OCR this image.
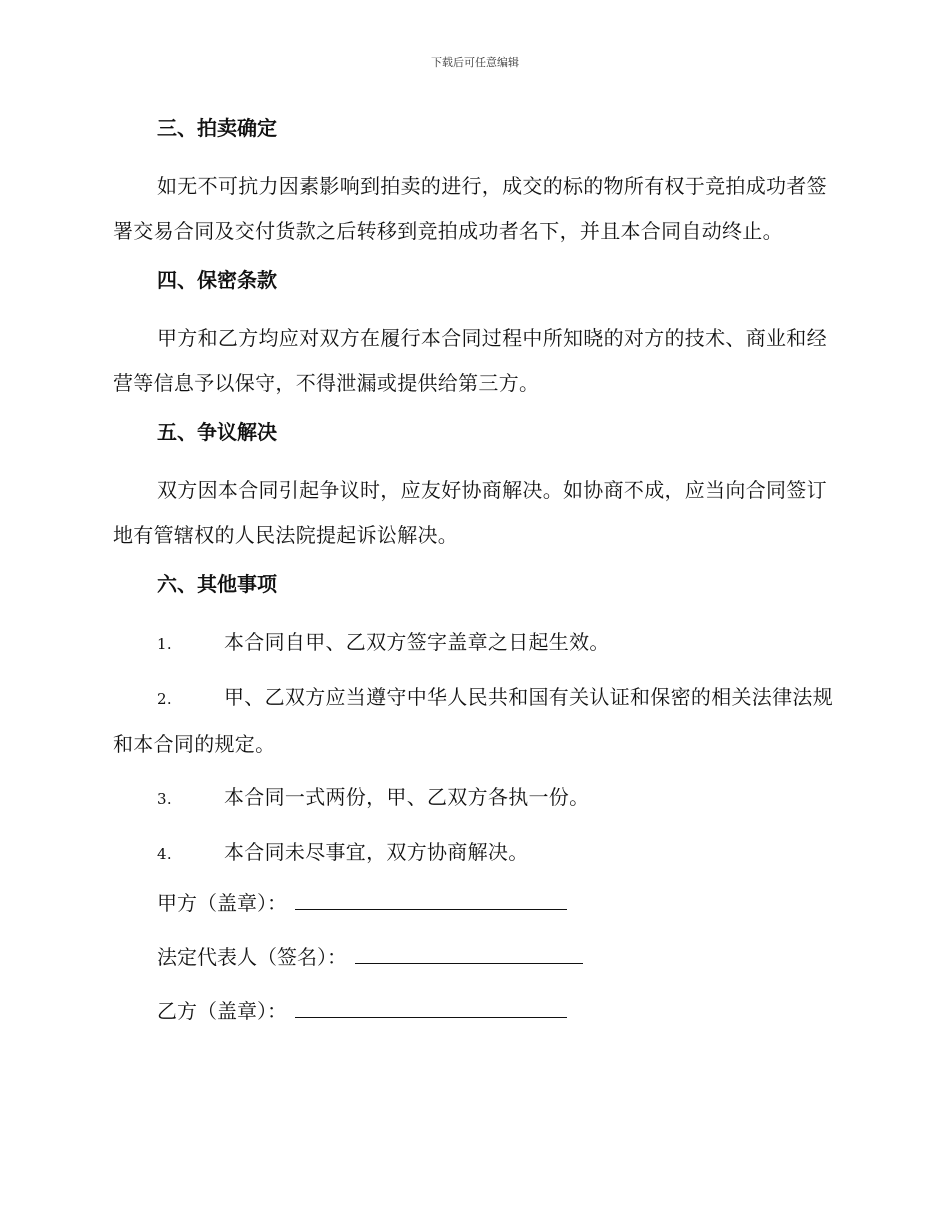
下载后可任意编辑
三、拍卖确定

如无不可抗力因素影响到拍卖的进行，成交的标的物所有权于竞拍成功者签署交易合同及交付货款之后转移到竞拍成功者名下，并且本合同自动终止。

四、保密条款

甲方和乙方均应对双方在履行本合同过程中所知晓的对方的技术、商业和经营等信息予以保守，不得泄漏或提供给第三方。

五、争议解决

双方因本合同引起争议时，应友好协商解决。如协商不成，应当向合同签订地有管辖权的人民法院提起诉讼解决。

六、其他事项

1.	本合同自甲、乙双方签字盖章之日起生效。

2.	甲、乙双方应当遵守中华人民共和国有关认证和保密的相关法律法规和本合同的规定。

3.	本合同一式两份，甲、乙双方各执一份。

4.	本合同未尽事宜，双方协商解决。

甲方（盖章）：
法定代表人（签名）：
乙方（盖章）：
